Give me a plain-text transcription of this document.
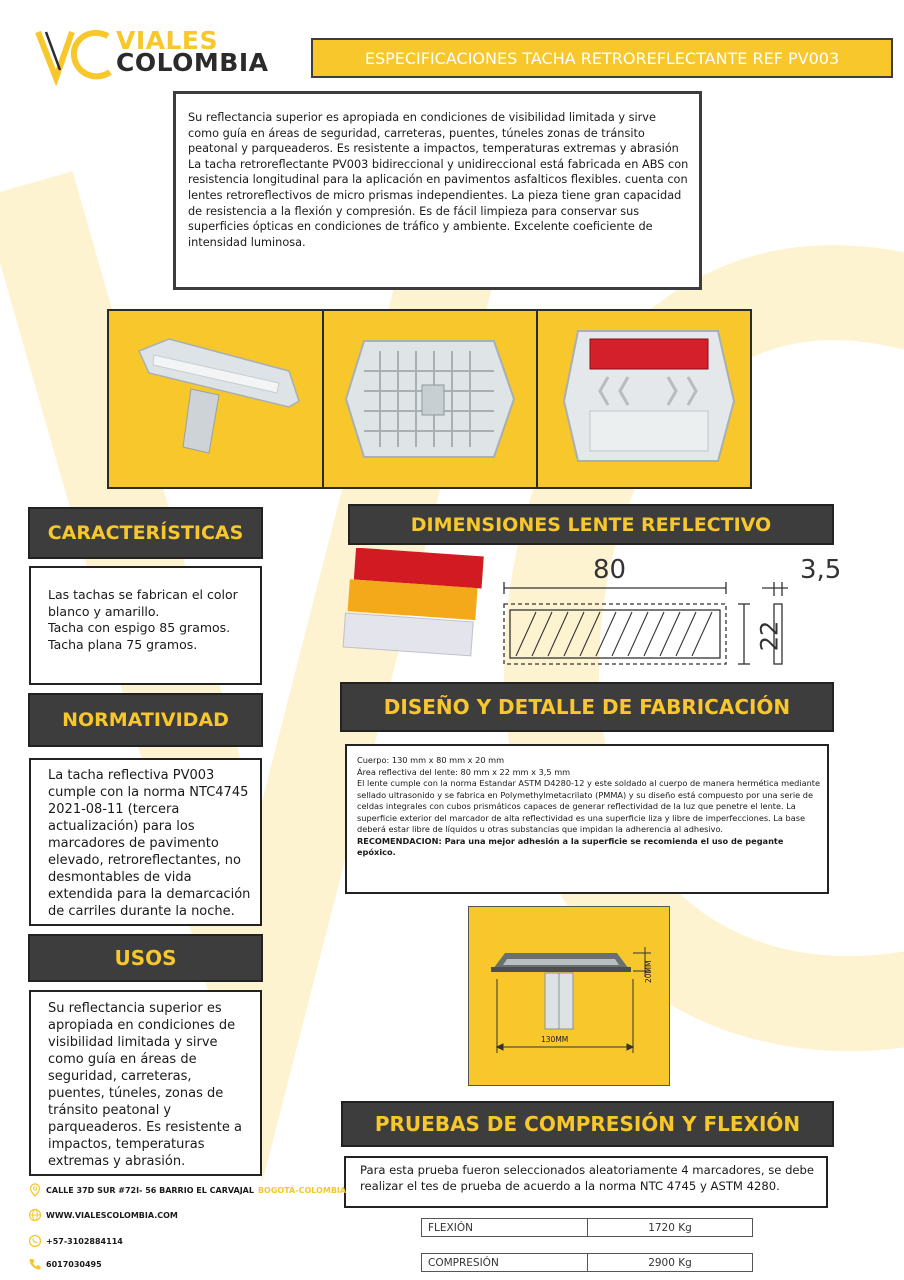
VIALES
COLOMBIA	ESPECIFICACIONES TACHA RETROREFLECTANTE REF PV003

Su reflectancia superior es apropiada en condiciones de visibilidad limitada y sirve como guía en áreas de seguridad, carreteras, puentes, túneles zonas de tránsito peatonal y parqueaderos. Es resistente a impactos, temperaturas extremas y abrasión La tacha retroreflectante PV003 bidireccional y unidireccional está fabricada en ABS con resistencia longitudinal para la aplicación en pavimentos asfalticos flexibles. cuenta con lentes retroreflectivos de micro prismas independientes. La pieza tiene gran capacidad de resistencia a la flexión y compresión. Es de fácil limpieza para conservar sus superficies ópticas en condiciones de tráfico y ambiente. Excelente coeficiente de intensidad luminosa.

CARACTERÍSTICAS
Las tachas se fabrican el color
blanco y amarillo.
Tacha con espigo 85 gramos.
Tacha plana 75 gramos.
NORMATIVIDAD

La tacha reflectiva PV003 cumple con la norma NTC4745 2021-08-11 (tercera actualización) para los marcadores de pavimento elevado, retroreflectantes, no desmontables de vida extendida para la demarcación de carriles durante la noche.

USOS

Su reflectancia superior es apropiada en condiciones de visibilidad limitada y sirve como guía en áreas de seguridad, carreteras, puentes, túneles, zonas de tránsito peatonal y parqueaderos. Es resistente a impactos, temperaturas extremas y abrasión.

DIMENSIONES LENTE REFLECTIVO
80	3,5
22
DISEÑO Y DETALLE DE FABRICACIÓN
Cuerpo: 130 mm x 80 mm x 20 mm
Área reflectiva del lente: 80 mm x 22 mm x 3,5 mm
El lente cumple con la norma Estandar ASTM D4280-12 y este soldado al cuerpo de manera hermética mediante sellado ultrasonido y se fabrica en Polymethylmetacrilato (PMMA) y su diseño está compuesto por una serie de celdas integrales con cubos prismáticos capaces de generar reflectividad de la luz que penetre el lente. La superficie exterior del marcador de alta reflectividad es una superficie liza y libre de imperfecciones. La base deberá estar libre de líquidos u otras substancias que impidan la adherencia al adhesivo.
RECOMENDACION: Para una mejor adhesión a la superficie se recomienda el uso de pegante epóxico.
20MM
130MM
PRUEBAS DE COMPRESIÓN Y FLEXIÓN

Para esta prueba fueron seleccionados aleatoriamente 4 marcadores, se debe realizar el tes de prueba de acuerdo a la norma NTC 4745 y ASTM 4280.

FLEXIÓN	1720 Kg
COMPRESIÓN	2900 Kg
CALLE 37D SUR #72I- 56 BARRIO EL CARVAJAL BOGOTÁ-COLOMBIA
WWW.VIALESCOLOMBIA.COM
+57-3102884114
6017030495
